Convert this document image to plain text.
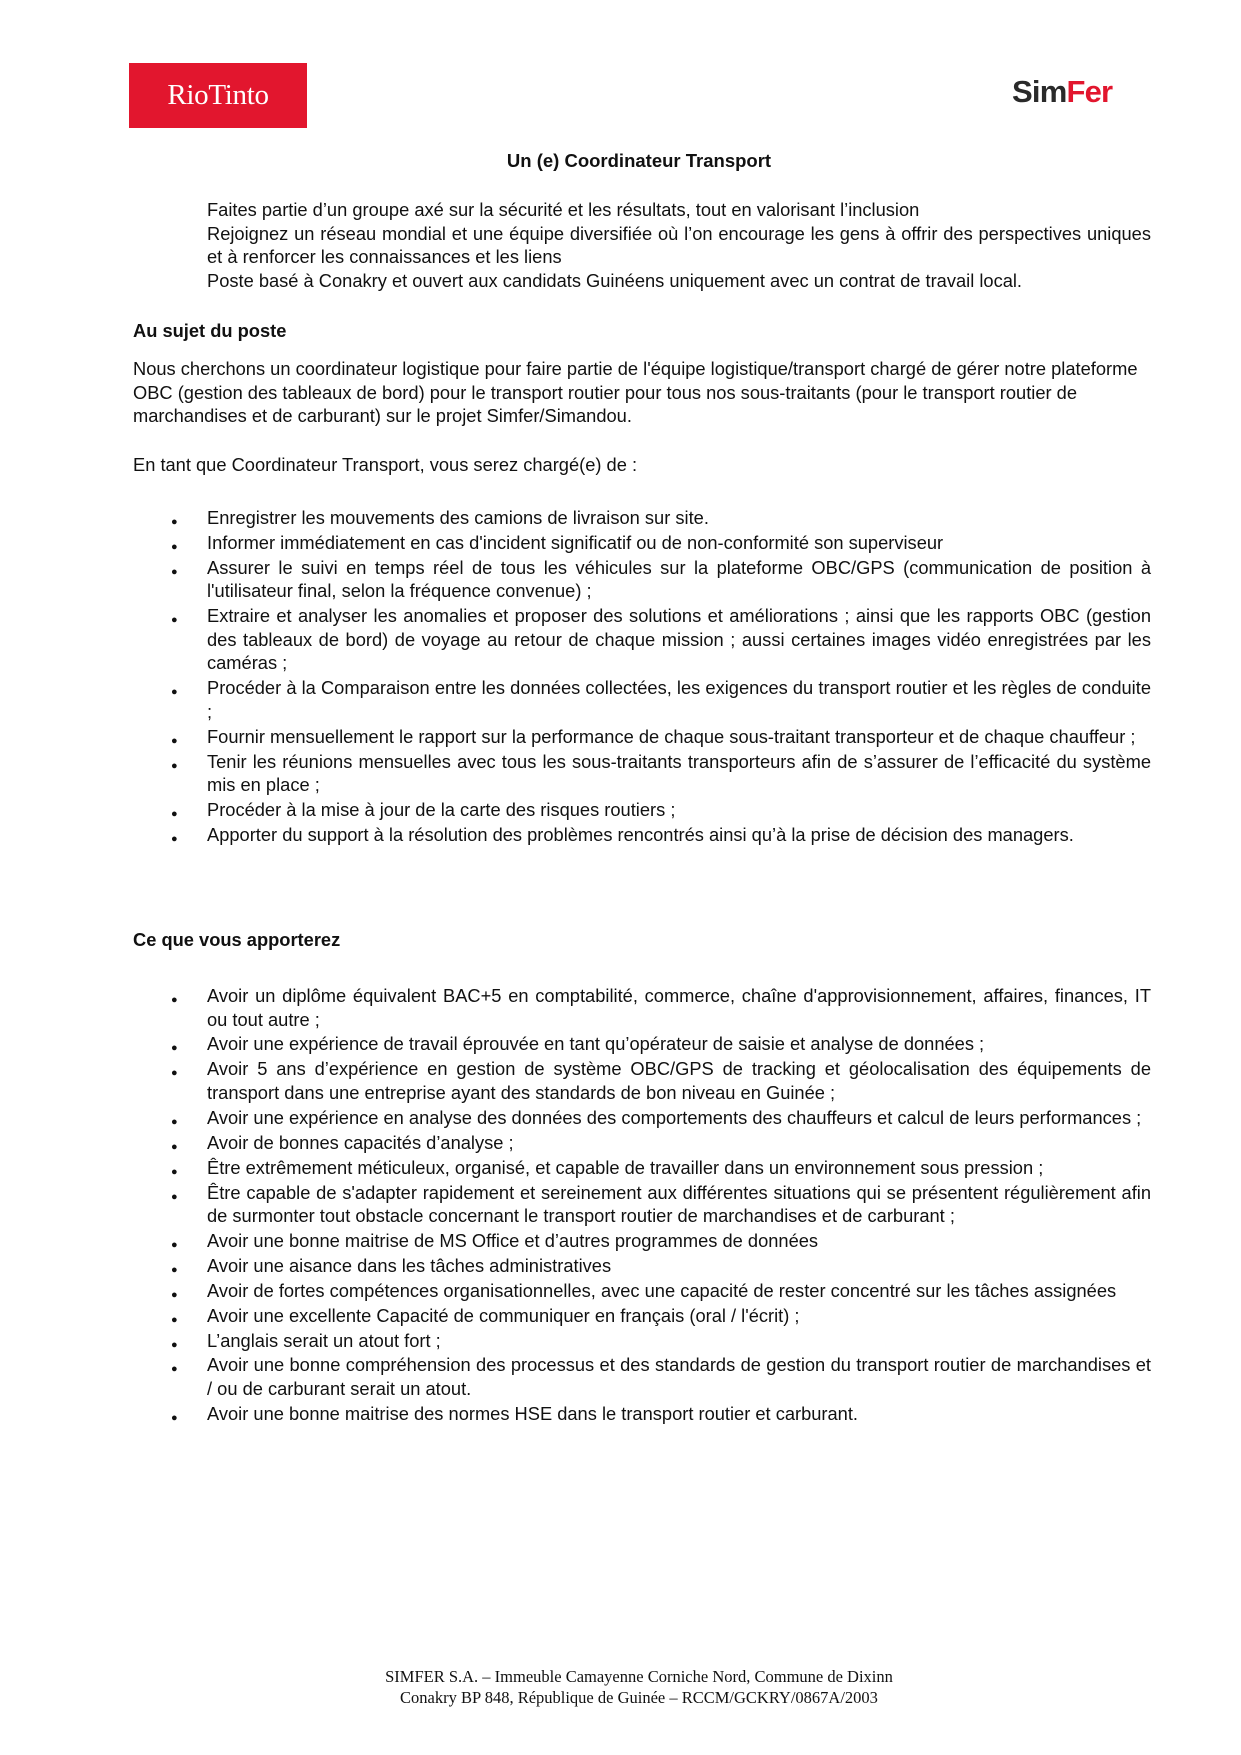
RioTinto	SimFer
Un (e) Coordinateur Transport

Faites partie d’un groupe axé sur la sécurité et les résultats, tout en valorisant l’inclusion

Rejoignez un réseau mondial et une équipe diversifiée où l’on encourage les gens à offrir des perspectives uniques et à renforcer les connaissances et les liens

Poste basé à Conakry et ouvert aux candidats Guinéens uniquement avec un contrat de travail local.

Au sujet du poste

Nous cherchons un coordinateur logistique pour faire partie de l'équipe logistique/transport chargé de gérer notre plateforme OBC (gestion des tableaux de bord) pour le transport routier pour tous nos sous-traitants (pour le transport routier de marchandises et de carburant) sur le projet Simfer/Simandou.

En tant que Coordinateur Transport, vous serez chargé(e) de :

● Enregistrer les mouvements des camions de livraison sur site.
● Informer immédiatement en cas d'incident significatif ou de non-conformité son superviseur
● Assurer le suivi en temps réel de tous les véhicules sur la plateforme OBC/GPS (communication de position à l'utilisateur final, selon la fréquence convenue) ;
● Extraire et analyser les anomalies et proposer des solutions et améliorations ; ainsi que les rapports OBC (gestion des tableaux de bord) de voyage au retour de chaque mission ; aussi certaines images vidéo enregistrées par les caméras ;
● Procéder à la Comparaison entre les données collectées, les exigences du transport routier et les règles de conduite ;
● Fournir mensuellement le rapport sur la performance de chaque sous-traitant transporteur et de chaque chauffeur ;
● Tenir les réunions mensuelles avec tous les sous-traitants transporteurs afin de s’assurer de l’efficacité du système mis en place ;
● Procéder à la mise à jour de la carte des risques routiers ;
● Apporter du support à la résolution des problèmes rencontrés ainsi qu’à la prise de décision des managers.
Ce que vous apporterez
● Avoir un diplôme équivalent BAC+5 en comptabilité, commerce, chaîne d'approvisionnement, affaires, finances, IT ou tout autre ;
● Avoir une expérience de travail éprouvée en tant qu’opérateur de saisie et analyse de données ;
● Avoir 5 ans d’expérience en gestion de système OBC/GPS de tracking et géolocalisation des équipements de transport dans une entreprise ayant des standards de bon niveau en Guinée ;
● Avoir une expérience en analyse des données des comportements des chauffeurs et calcul de leurs performances ;
● Avoir de bonnes capacités d’analyse ;
● Être extrêmement méticuleux, organisé, et capable de travailler dans un environnement sous pression ;
● Être capable de s'adapter rapidement et sereinement aux différentes situations qui se présentent régulièrement afin de surmonter tout obstacle concernant le transport routier de marchandises et de carburant ;
● Avoir une bonne maitrise de MS Office et d’autres programmes de données
● Avoir une aisance dans les tâches administratives
● Avoir de fortes compétences organisationnelles, avec une capacité de rester concentré sur les tâches assignées
● Avoir une excellente Capacité de communiquer en français (oral / l'écrit) ;
● L’anglais serait un atout fort ;
● Avoir une bonne compréhension des processus et des standards de gestion du transport routier de marchandises et / ou de carburant serait un atout.
● Avoir une bonne maitrise des normes HSE dans le transport routier et carburant.

SIMFER S.A. – Immeuble Camayenne Corniche Nord, Commune de Dixinn

Conakry BP 848, République de Guinée – RCCM/GCKRY/0867A/2003
